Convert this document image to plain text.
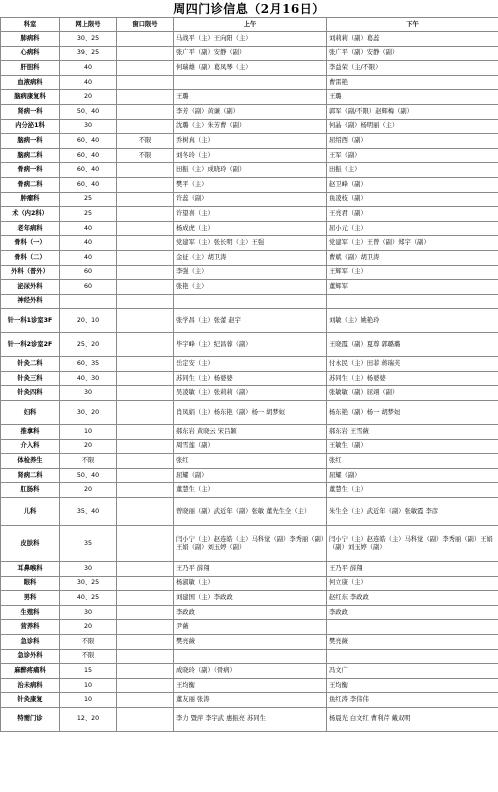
周四门诊信息（2月16日）
科室	网上限号	窗口限号	上午	下午
肺病科	30、25		马战平（主）王向阳（主）	刘莉莉（副）葛蕊
心病科	39、25		张广平（副）安静（副）	张广平（副）安静（副）
肝胆科	40		何瑞雄（副）葛凤琴（主）	李益荣（主/不限）
血液病科	40			曹雷艳
脑病康复科	20		王璐	王璐
肾病一科	50、40		李芳（副）黄谦（副）	郭军（副/不限）赵辉梅（副）
内分泌1科	30		沈璐（主）朱芳曹（副）	何晶（副）杨明丽（主）
脑病一科	60、40	不限	乔树真（主）	屈绍西（副）
脑病二科	60、40	不限	刘冬玲（主）	王军（副）
骨病一科	60、40		田振（主）成晓玲（副）	田振（主）
骨病二科	60、40		樊平（主）	赵卫峰（副）
肿瘤科	25		许蕊（副）	鱼凌枝（副）
术（内2科）	25		许望喜（主）	王亮君（副）
老年病科	40		杨成虎（主）	屈小元（主）
骨科（一）	40		党建军（主）张长明（主）王强	党建军（主）王曾（副）郑宇（副）
骨科（二）	40		金征（主）胡卫涛	曹斌（副）胡卫涛
外科（普外）	60		李强（主）	王辉军（主）
泌尿外科	60		张艳（主）	董辉军
神经外科				
针一科1诊室3F	20、10		张学昌（主）张蕾 赵宇	刘敏（主）姚艳玲
针一科2诊室2F	25、20		毕宇峰（主）纪昌蓉（副）	王晓霞（副）夏尊 郭璐璐
针灸二科	60、35		岳定安（主）	付永民（主）田菲 蒋瑞芙
针灸三科	40、30		苏同生（主）杨婆婆	苏同生（主）杨婆婆
针灸四科	30		吴凌敏（主）张莉莉（副）	张敏敏（副）屈翊（副）
妇科	30、20		肖凤娟（主）杨东艳（副）杨一 胡梦姮	杨东艳（副）杨一 胡梦姮
推拿科	10		郝东岩 黄晓云 宋吕颖	郝东岩 王雪薇
介入科	20		周雪莲（副）	王敏生（副）
体检养生	不限		张红	张红
肾病二科	50、40		屈耀（副）	屈耀（副）
肛肠科	20		董慧生（主）	董慧生（主）
儿科	35、40		曾晓丽（副）武近年（副）张敏 董先生全（主）	朱生全（主）武近年（副）张敏霞 李彦
皮肤科	35		闫小宁（主）赵连皓（主）马科觉（副）李秀丽（副）王娟（副）刘玉婷（副）	闫小宁（主）赵连皓（主）马科觉（副）李秀丽（副）王娟（副）刘玉婷（副）
耳鼻喉科	30		王乃平 薛翔	王乃平 薛翔
眼科	30、25		杨淑敏（主）	何立康（主）
男科	40、25		刘建国（主）李政政	赵红东 李政政
生殖科	30		李政政	李政政
营养科	20		尹薇	
急诊科	不限		樊亮薇	樊亮薇
急诊外科	不限			
麻醉疼痛科	15		成晓玲（副）（骨病）	冯文广
治未病科	10		王均衡	王均衡
针灸康复	10		董友丽 张涛	鱼红涛 李伟伟
特需门诊	12、20		李力 暨萍 李宇武 惠振亮 苏同生	杨晨光 白文红 曹利芹 戴双明
